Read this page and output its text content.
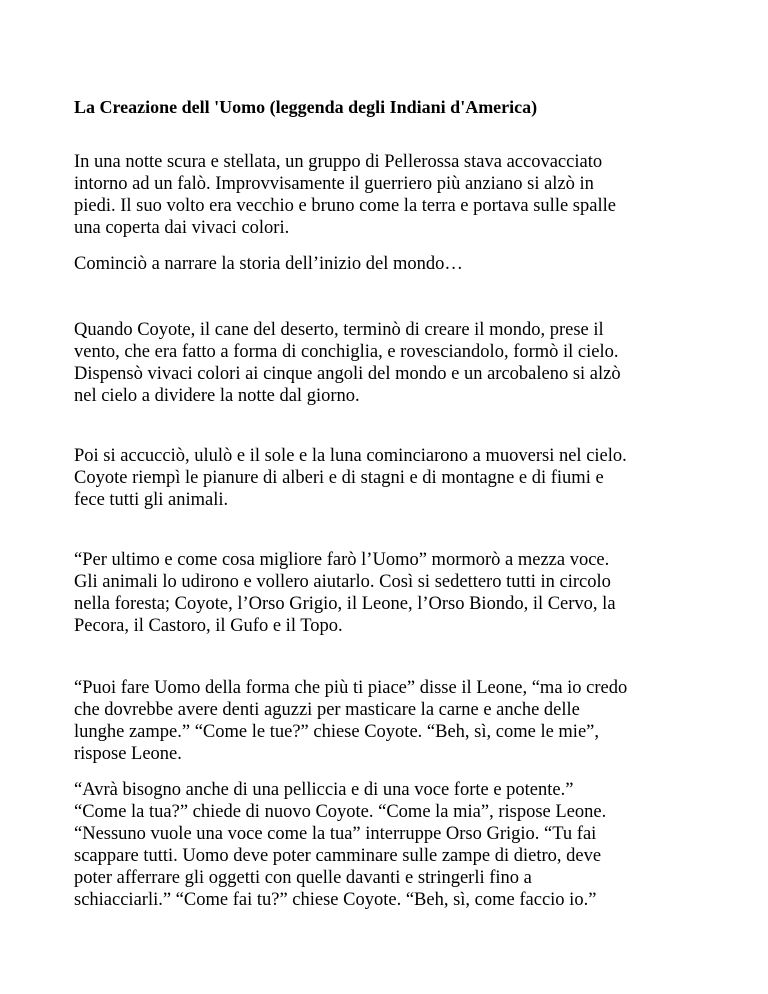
La Creazione dell 'Uomo (leggenda degli Indiani d'America)
In una notte scura e stellata, un gruppo di Pellerossa stava accovacciato
intorno ad un falò. Improvvisamente il guerriero più anziano si alzò in
piedi. Il suo volto era vecchio e bruno come la terra e portava sulle spalle
una coperta dai vivaci colori.
Cominciò a narrare la storia dell’inizio del mondo…
Quando Coyote, il cane del deserto, terminò di creare il mondo, prese il
vento, che era fatto a forma di conchiglia, e rovesciandolo, formò il cielo.
Dispensò vivaci colori ai cinque angoli del mondo e un arcobaleno si alzò
nel cielo a dividere la notte dal giorno.
Poi si accucciò, ululò e il sole e la luna cominciarono a muoversi nel cielo.
Coyote riempì le pianure di alberi e di stagni e di montagne e di fiumi e
fece tutti gli animali.
“Per ultimo e come cosa migliore farò l’Uomo” mormorò a mezza voce.
Gli animali lo udirono e vollero aiutarlo. Così si sedettero tutti in circolo
nella foresta; Coyote, l’Orso Grigio, il Leone, l’Orso Biondo, il Cervo, la
Pecora, il Castoro, il Gufo e il Topo.
“Puoi fare Uomo della forma che più ti piace” disse il Leone, “ma io credo
che dovrebbe avere denti aguzzi per masticare la carne e anche delle
lunghe zampe.” “Come le tue?” chiese Coyote. “Beh, sì, come le mie”,
rispose Leone.
“Avrà bisogno anche di una pelliccia e di una voce forte e potente.”
“Come la tua?” chiede di nuovo Coyote. “Come la mia”, rispose Leone.
“Nessuno vuole una voce come la tua” interruppe Orso Grigio. “Tu fai
scappare tutti. Uomo deve poter camminare sulle zampe di dietro, deve
poter afferrare gli oggetti con quelle davanti e stringerli fino a
schiacciarli.” “Come fai tu?” chiese Coyote. “Beh, sì, come faccio io.”
